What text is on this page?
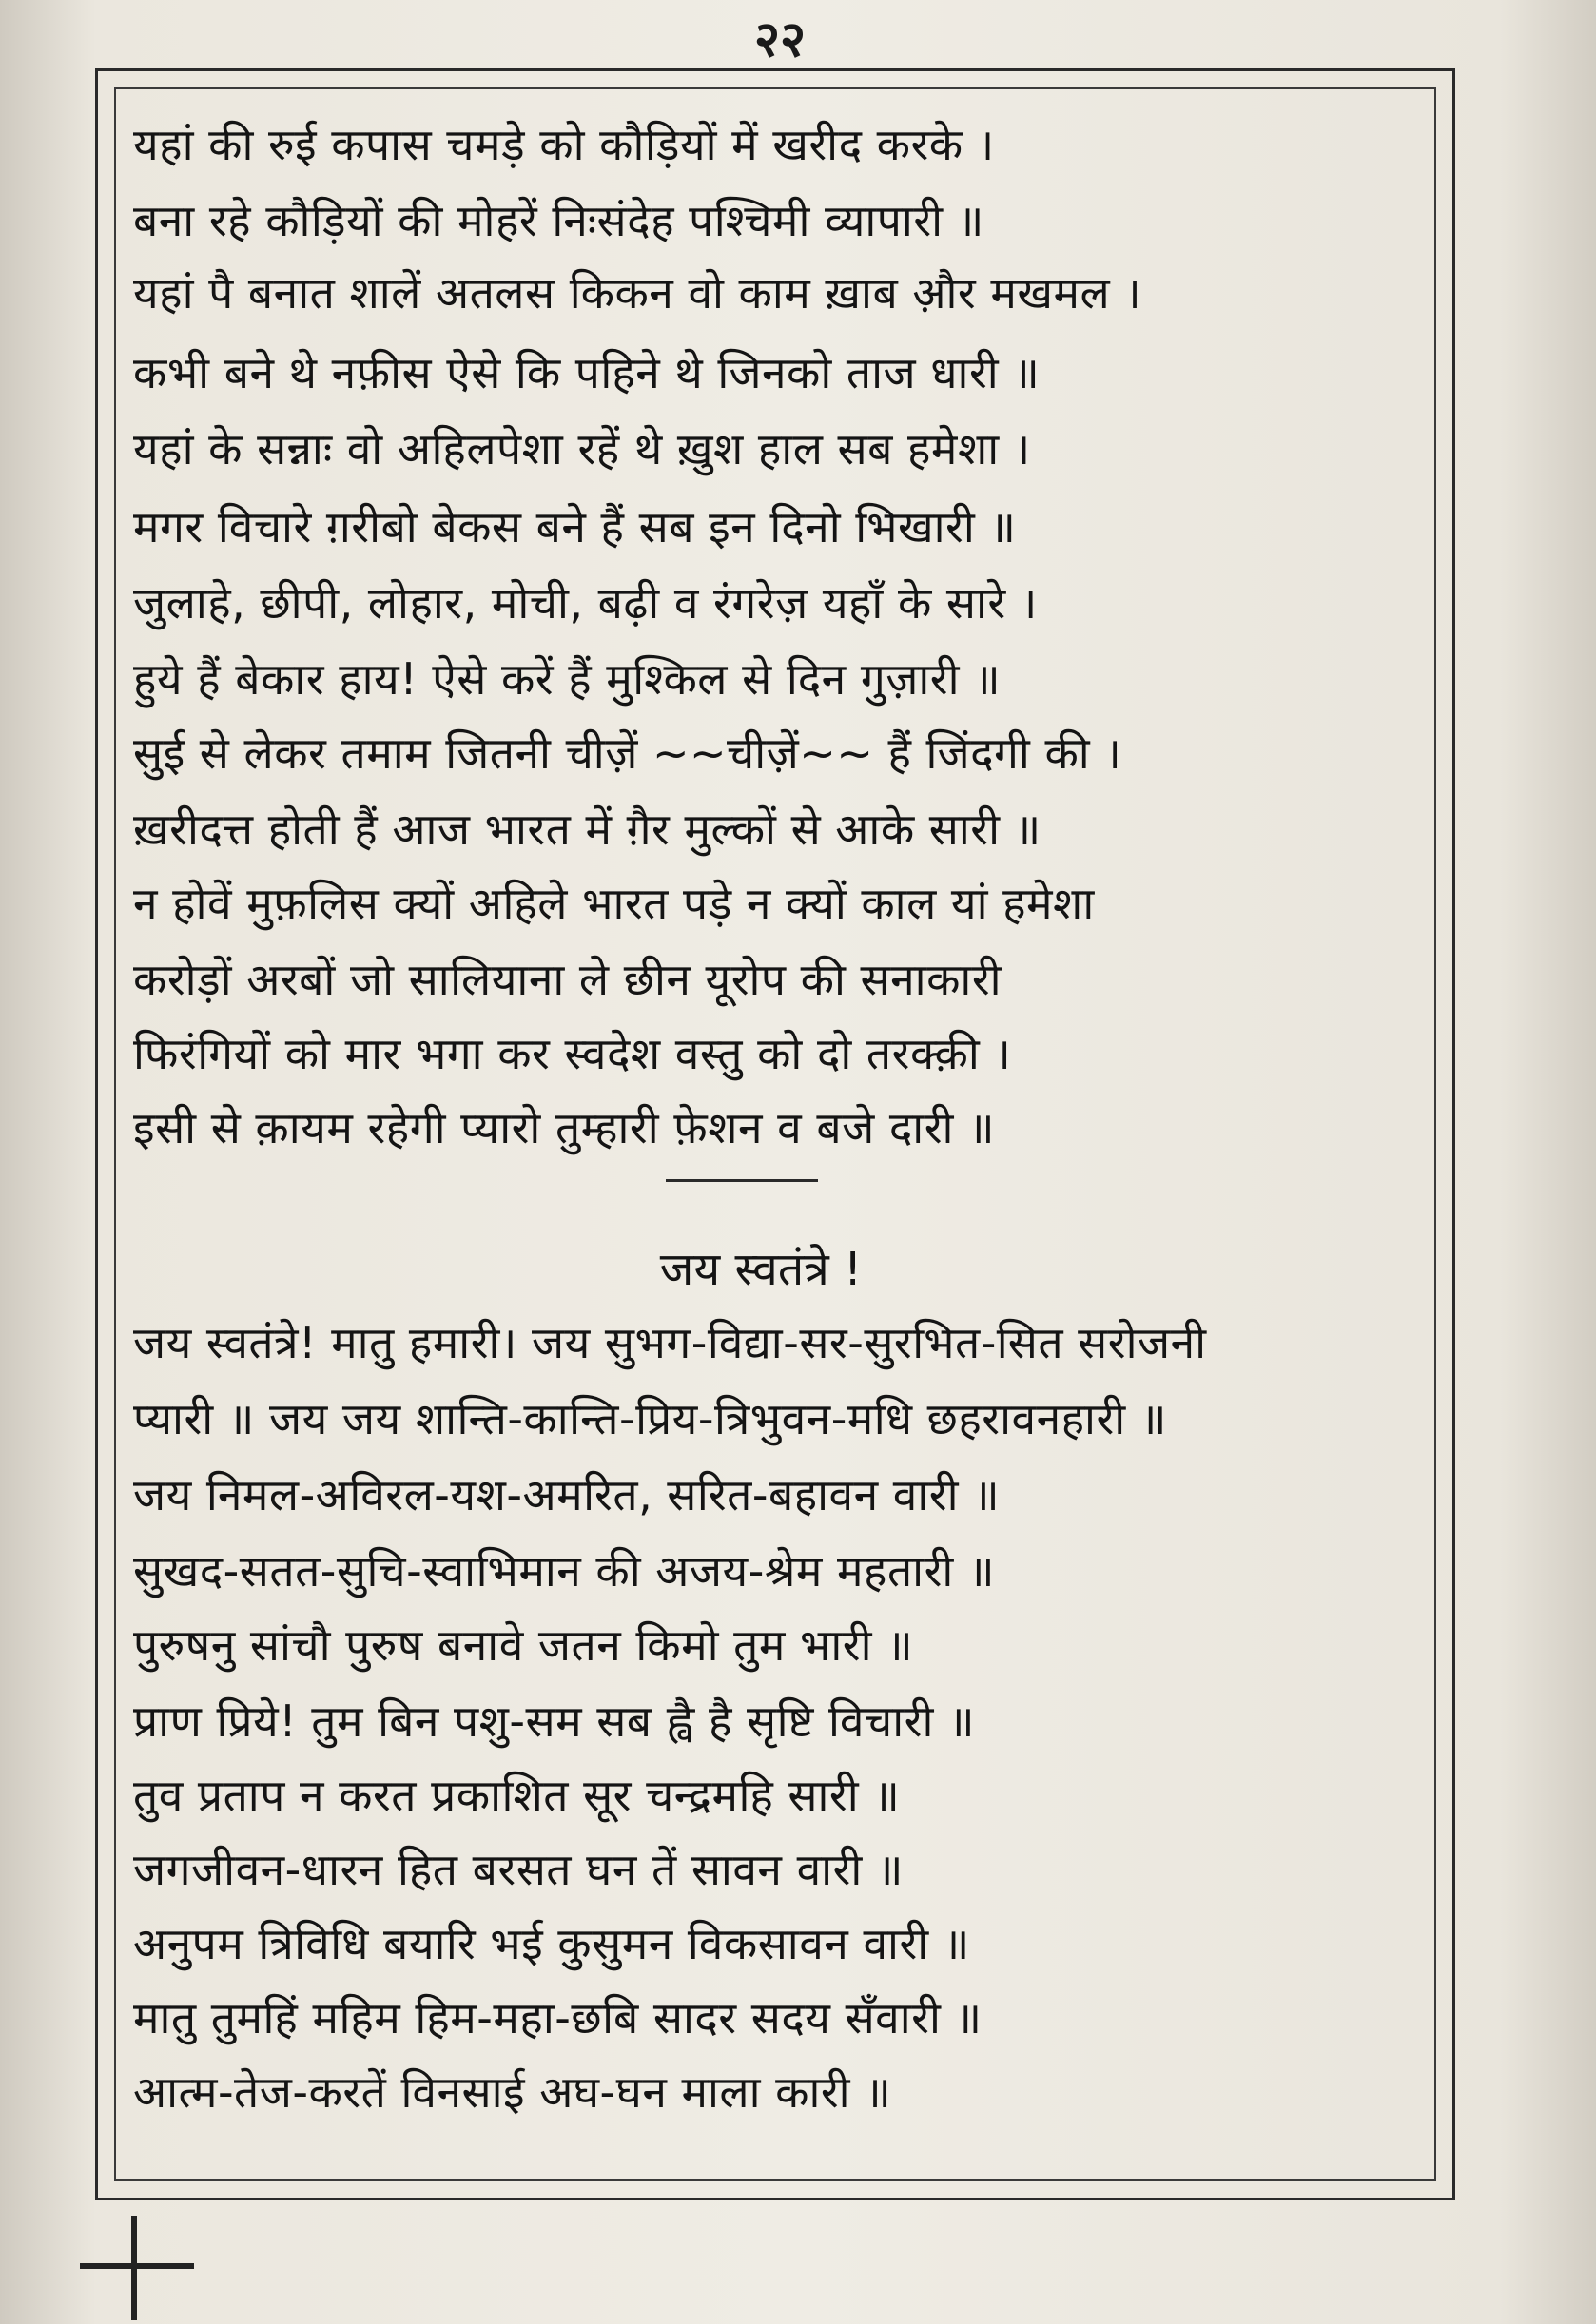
२२
यहां की रुई कपास चमड़े को कौड़ियों में खरीद करके ।
बना रहे कौड़ियों की मोहरें निःसंदेह पश्चिमी व्यापारी ॥
यहां पै बनात शालें अतलस किकन वो काम ख़ाब औ़र मखमल ।
कभी बने थे नफ़ीस ऐसे कि पहिने थे जिनको ताज धारी ॥
यहां के सन्नाः वो अहिलपेशा रहें थे ख़ुश हाल सब हमेशा ।
मगर विचारे ग़रीबो बेकस बने हैं सब इन दिनो भिखारी ॥
जुलाहे, छीपी, लोहार, मोची, बढ़ी व रंगरेज़ यहाँ के सारे ।
हुये हैं बेकार हाय! ऐसे करें हैं मुश्किल से दिन गुज़ारी ॥
सुई से लेकर तमाम जितनी चीज़ें ~~चीज़ें~~ हैं जिंदगी की ।
ख़रीदत्त होती हैं आज भारत में ग़ैर मुल्कों से आके सारी ॥
न होवें मुफ़लिस क्यों अहिले भारत पड़े न क्यों काल यां हमेशा
करोड़ों अरबों जो सालियाना ले छीन यूरोप की सनाकारी
फिरंगियों को मार भगा कर स्वदेश वस्तु को दो तरक्क़ी ।
इसी से क़ायम रहेगी प्यारो तुम्हारी फ़ेशन व बजे दारी ॥
जय स्वतंत्रे !
जय स्वतंत्रे! मातु हमारी। जय सुभग-विद्या-सर-सुरभित-सित सरोजनी
प्यारी ॥ जय जय शान्ति-कान्ति-प्रिय-त्रिभुवन-मधि छहरावनहारी ॥
जय निमल-अविरल-यश-अमरित, सरित-बहावन वारी ॥
सुखद-सतत-सुचि-स्वाभिमान की अजय-श्रेम महतारी ॥
पुरुषनु सांचौ पुरुष बनावे जतन किमो तुम भारी ॥
प्राण प्रिये! तुम बिन पशु-सम सब ह्वै है सृष्टि विचारी ॥
तुव प्रताप न करत प्रकाशित सूर चन्द्रमहि सारी ॥
जगजीवन-धारन हित बरसत घन तें सावन वारी ॥
अनुपम त्रिविधि बयारि भई कुसुमन विकसावन वारी ॥
मातु तुमहिं महिम हिम-महा-छबि सादर सदय सँवारी ॥
आत्म-तेज-करतें विनसाई अघ-घन माला कारी ॥
